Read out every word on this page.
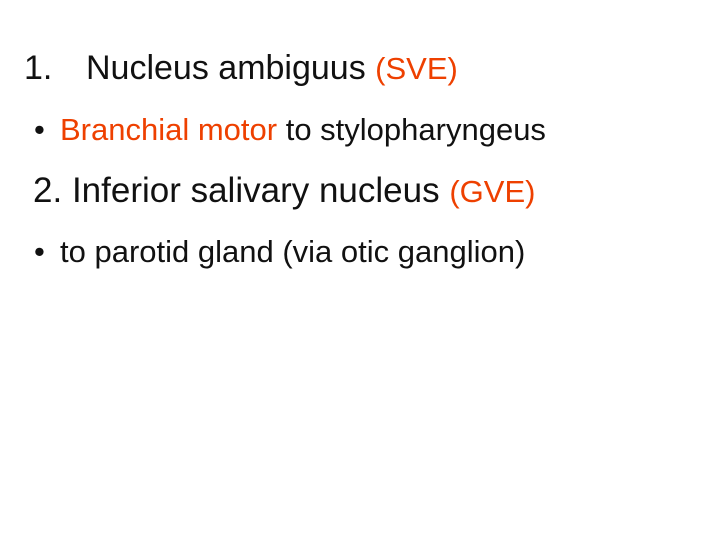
1. Nucleus ambiguus (SVE)
• Branchial motor to stylopharyngeus
2. Inferior salivary nucleus (GVE)
• to parotid gland (via otic ganglion)
